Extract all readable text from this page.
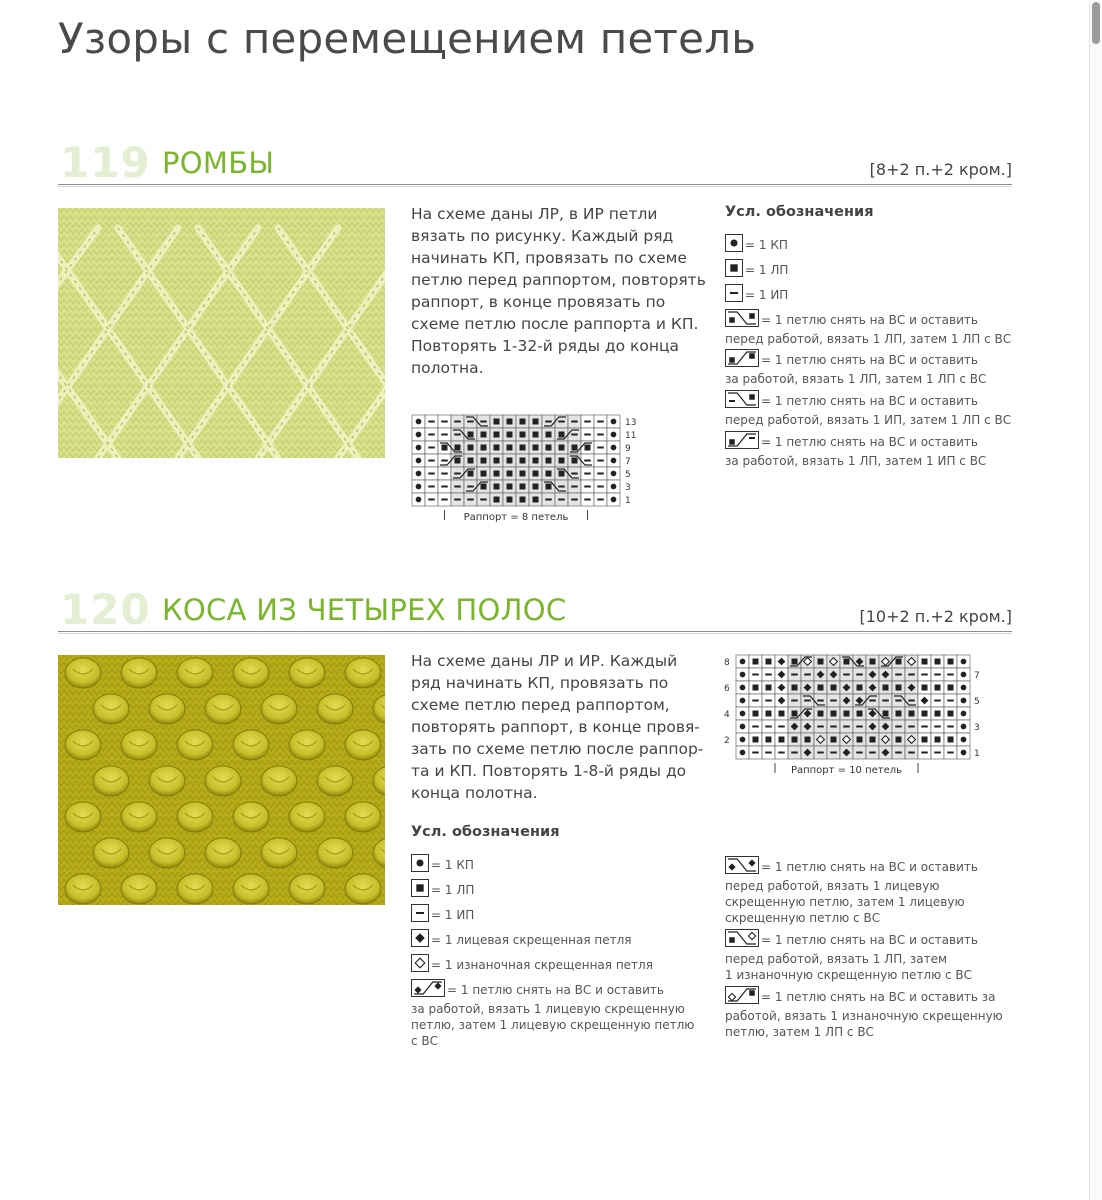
Узоры с перемещением петель
119 РОМБЫ	[8+2 п.+2 кром.]
На схеме даны ЛР, в ИР петли
вязать по рисунку. Каждый ряд
начинать КП, провязать по схеме
петлю перед раппортом, повторять
раппорт, в конце провязать по
схеме петлю после раппорта и КП.
Повторять 1-32-й ряды до конца
полотна.
Усл. обозначения
= 1 КП
= 1 ЛП
= 1 ИП
= 1 петлю снять на ВС и оставить
перед работой, вязать 1 ЛП, затем 1 ЛП с ВС
= 1 петлю снять на ВС и оставить
за работой, вязать 1 ЛП, затем 1 ЛП с ВС
= 1 петлю снять на ВС и оставить
перед работой, вязать 1 ИП, затем 1 ЛП с ВС
= 1 петлю снять на ВС и оставить
за работой, вязать 1 ЛП, затем 1 ИП с ВС
13
11
9
7
5
3
1
Раппорт = 8 петель
120 КОСА ИЗ ЧЕТЫРЕХ ПОЛОС	[10+2 п.+2 кром.]
На схеме даны ЛР и ИР. Каждый
ряд начинать КП, провязать по
схеме петлю перед раппортом,
повторять раппорт, в конце провя-
зать по схеме петлю после раппор-
та и КП. Повторять 1-8-й ряды до
конца полотна.
8
6
4
2
7
5
3
1
Раппорт = 10 петель
Усл. обозначения
= 1 КП
= 1 ЛП
= 1 ИП
= 1 лицевая скрещенная петля
= 1 изнаночная скрещенная петля
= 1 петлю снять на ВС и оставить
за работой, вязать 1 лицевую скрещенную
петлю, затем 1 лицевую скрещенную петлю
с ВС
= 1 петлю снять на ВС и оставить
перед работой, вязать 1 лицевую
скрещенную петлю, затем 1 лицевую
скрещенную петлю с ВС
= 1 петлю снять на ВС и оставить
перед работой, вязать 1 ЛП, затем
1 изнаночную скрещенную петлю с ВС
= 1 петлю снять на ВС и оставить за
работой, вязать 1 изнаночную скрещенную
петлю, затем 1 ЛП с ВС
